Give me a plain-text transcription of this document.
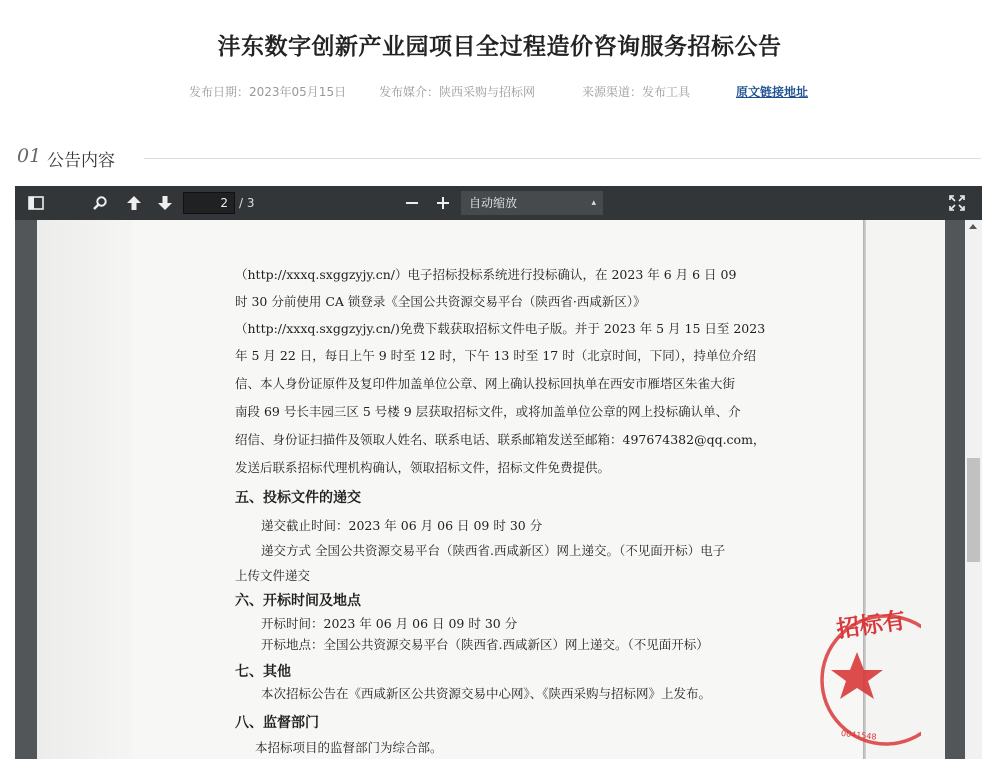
沣东数字创新产业园项目全过程造价咨询服务招标公告
发布日期：2023年05月15日	发布媒介：陕西采购与招标网	来源渠道：发布工具	原文链接地址
01 公告内容
2 / 3	自动缩放	▴

（http://xxxq.sxggzyjy.cn/）电子招标投标系统进行投标确认，在 2023 年 6 月 6 日 09
时 30 分前使用 CA 锁登录《全国公共资源交易平台（陕西省·西咸新区）》
（http://xxxq.sxggzyjy.cn/)免费下载获取招标文件电子版。并于 2023 年 5 月 15 日至 2023
年 5 月 22 日，每日上午 9 时至 12 时，下午 13 时至 17 时（北京时间，下同），持单位介绍
信、本人身份证原件及复印件加盖单位公章、网上确认投标回执单在西安市雁塔区朱雀大街
南段 69 号长丰园三区 5 号楼 9 层获取招标文件，或将加盖单位公章的网上投标确认单、介
绍信、身份证扫描件及领取人姓名、联系电话、联系邮箱发送至邮箱：497674382@qq.com，
发送后联系招标代理机构确认，领取招标文件，招标文件免费提供。
五、投标文件的递交
递交截止时间：2023 年 06 月 06 日 09 时 30 分
递交方式 全国公共资源交易平台（陕西省.西咸新区）网上递交。（不见面开标）电子
上传文件递交
六、开标时间及地点
开标时间：2023 年 06 月 06 日 09 时 30 分
开标地点：全国公共资源交易平台（陕西省.西咸新区）网上递交。（不见面开标）
七、其他
本次招标公告在《西咸新区公共资源交易中心网》、《陕西采购与招标网》上发布。
八、监督部门
本招标项目的监督部门为综合部。
招标有
0041548
